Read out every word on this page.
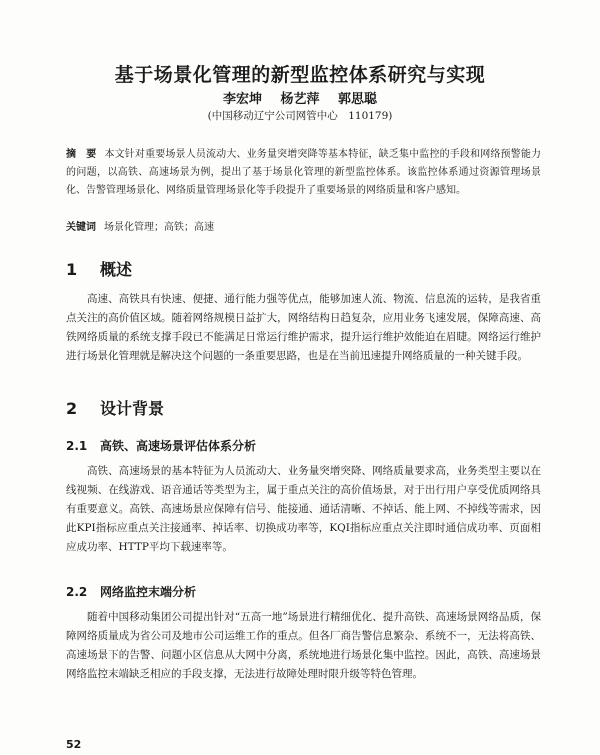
基于场景化管理的新型监控体系研究与实现
李宏坤 杨艺萍 郭思聪
(中国移动辽宁公司网管中心　110179)
摘　要 本文针对重要场景人员流动大、业务量突增突降等基本特征，缺乏集中监控的手段和网络预警能力的问题，以高铁、高速场景为例，提出了基于场景化管理的新型监控体系。该监控体系通过资源管理场景化、告警管理场景化、网络质量管理场景化等手段提升了重要场景的网络质量和客户感知。
关键词 场景化管理；高铁；高速
1 概述
高速、高铁具有快速、便捷、通行能力强等优点，能够加速人流、物流、信息流的运转，是我省重点关注的高价值区域。随着网络规模日益扩大，网络结构日趋复杂，应用业务飞速发展，保障高速、高铁网络质量的系统支撑手段已不能满足日常运行维护需求，提升运行维护效能迫在眉睫。网络运行维护进行场景化管理就是解决这个问题的一条重要思路，也是在当前迅速提升网络质量的一种关键手段。
2 设计背景
2.1 高铁、高速场景评估体系分析
高铁、高速场景的基本特征为人员流动大、业务量突增突降、网络质量要求高，业务类型主要以在线视频、在线游戏、语音通话等类型为主，属于重点关注的高价值场景，对于出行用户享受优质网络具有重要意义。高铁、高速场景应保障有信号、能接通、通话清晰、不掉话、能上网、不掉线等需求，因此KPI指标应重点关注接通率、掉话率、切换成功率等，KQI指标应重点关注即时通信成功率、页面相应成功率、HTTP平均下载速率等。
2.2 网络监控末端分析
随着中国移动集团公司提出针对“五高一地”场景进行精细优化、提升高铁、高速场景网络品质，保障网络质量成为省公司及地市公司运维工作的重点。但各厂商告警信息繁杂、系统不一，无法将高铁、高速场景下的告警、问题小区信息从大网中分离，系统地进行场景化集中监控。因此，高铁、高速场景网络监控末端缺乏相应的手段支撑，无法进行故障处理时限升级等特色管理。
52
